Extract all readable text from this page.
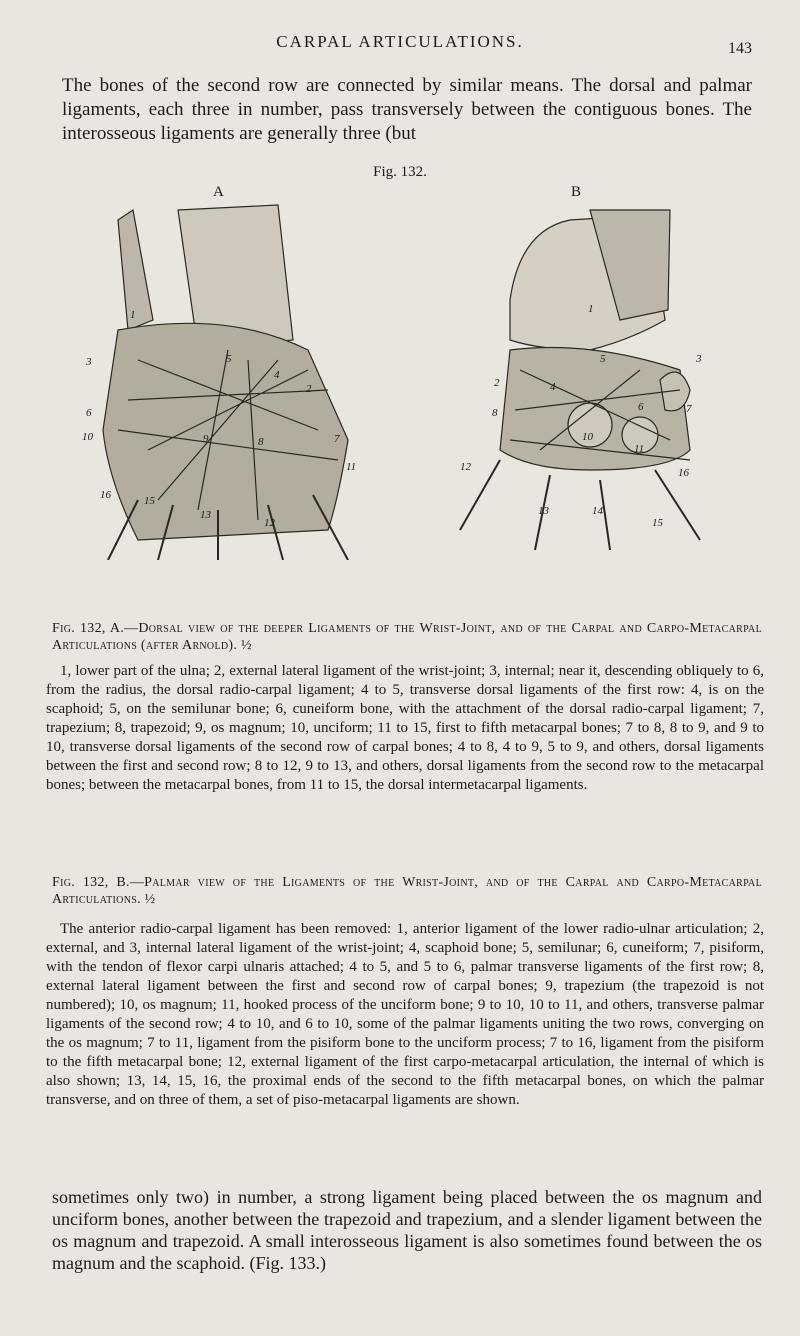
CARPAL ARTICULATIONS.	143

The bones of the second row are connected by similar means. The dorsal and palmar ligaments, each three in number, pass transversely between the contiguous bones. The interosseous ligaments are generally three (but

Fig. 132.
A	B
1
3
2
5
4
6
10	9	8	7
11
16	15
13
12
1
5	3
2	4
8	6	7
10
11
12	16
13	14
15
Fig. 132, A.—Dorsal view of the deeper Ligaments of the Wrist-Joint, and of the Carpal and Carpo-Metacarpal Articulations (after Arnold). ½

1, lower part of the ulna; 2, external lateral ligament of the wrist-joint; 3, internal; near it, descending obliquely to 6, from the radius, the dorsal radio-carpal ligament; 4 to 5, transverse dorsal ligaments of the first row: 4, is on the scaphoid; 5, on the semilunar bone; 6, cuneiform bone, with the attachment of the dorsal radio-carpal ligament; 7, trapezium; 8, trapezoid; 9, os magnum; 10, unciform; 11 to 15, first to fifth metacarpal bones; 7 to 8, 8 to 9, and 9 to 10, transverse dorsal ligaments of the second row of carpal bones; 4 to 8, 4 to 9, 5 to 9, and others, dorsal ligaments between the first and second row; 8 to 12, 9 to 13, and others, dorsal ligaments from the second row to the metacarpal bones; between the metacarpal bones, from 11 to 15, the dorsal intermetacarpal ligaments.

Fig. 132, B.—Palmar view of the Ligaments of the Wrist-Joint, and of the Carpal and Carpo-Metacarpal Articulations. ½

The anterior radio-carpal ligament has been removed: 1, anterior ligament of the lower radio-ulnar articulation; 2, external, and 3, internal lateral ligament of the wrist-joint; 4, scaphoid bone; 5, semilunar; 6, cuneiform; 7, pisiform, with the tendon of flexor carpi ulnaris attached; 4 to 5, and 5 to 6, palmar transverse ligaments of the first row; 8, external lateral ligament between the first and second row of carpal bones; 9, trapezium (the trapezoid is not numbered); 10, os magnum; 11, hooked process of the unciform bone; 9 to 10, 10 to 11, and others, transverse palmar ligaments of the second row; 4 to 10, and 6 to 10, some of the palmar ligaments uniting the two rows, converging on the os magnum; 7 to 11, ligament from the pisiform bone to the unciform process; 7 to 16, ligament from the pisiform to the fifth metacarpal bone; 12, external ligament of the first carpo-metacarpal articulation, the internal of which is also shown; 13, 14, 15, 16, the proximal ends of the second to the fifth metacarpal bones, on which the palmar transverse, and on three of them, a set of piso-metacarpal ligaments are shown.

sometimes only two) in number, a strong ligament being placed between the os magnum and unciform bones, another between the trapezoid and trapezium, and a slender ligament between the os magnum and trapezoid. A small interosseous ligament is also sometimes found between the os magnum and the scaphoid. (Fig. 133.)
